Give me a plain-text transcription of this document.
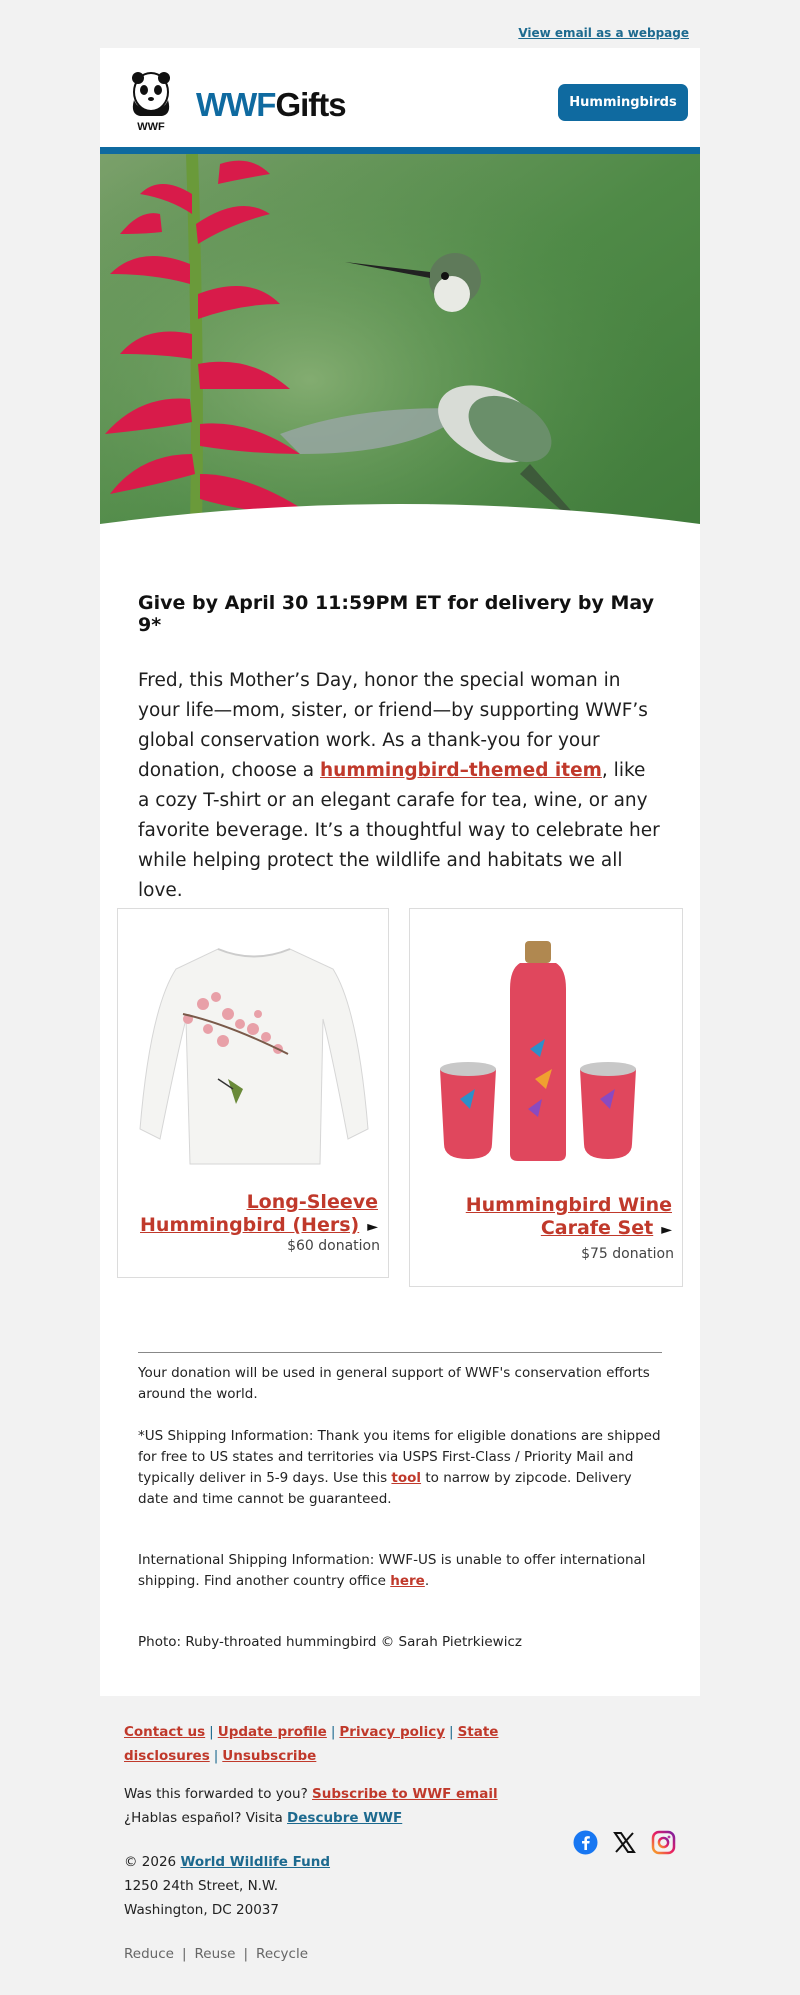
View email as a webpage
WWF
WWFGifts	Hummingbirds
Give by April 30 11:59PM ET for delivery by May 9*

Fred, this Mother’s Day, honor the special woman in your life—mom, sister, or friend—by supporting WWF’s global conservation work. As a thank-you for your donation, choose a hummingbird–themed item, like a cozy T-shirt or an elegant carafe for tea, wine, or any favorite beverage. It’s a thoughtful way to celebrate her while helping protect the wildlife and habitats we all love.

Long-Sleeve Hummingbird (Hers) ►
$60 donation
Hummingbird Wine Carafe Set ►
$75 donation

Your donation will be used in general support of WWF's conservation efforts around the world.

*US Shipping Information: Thank you items for eligible donations are shipped for free to US states and territories via USPS First-Class / Priority Mail and typically deliver in 5-9 days. Use this tool to narrow by zipcode. Delivery date and time cannot be guaranteed.

International Shipping Information: WWF-US is unable to offer international shipping. Find another country office here.

Photo: Ruby-throated hummingbird © Sarah Pietrkiewicz

Contact us | Update profile | Privacy policy | State disclosures | Unsubscribe
Was this forwarded to you? Subscribe to WWF email
¿Hablas español? Visita Descubre WWF
© 2026 World Wildlife Fund
1250 24th Street, N.W.
Washington, DC 20037
Reduce | Reuse | Recycle
